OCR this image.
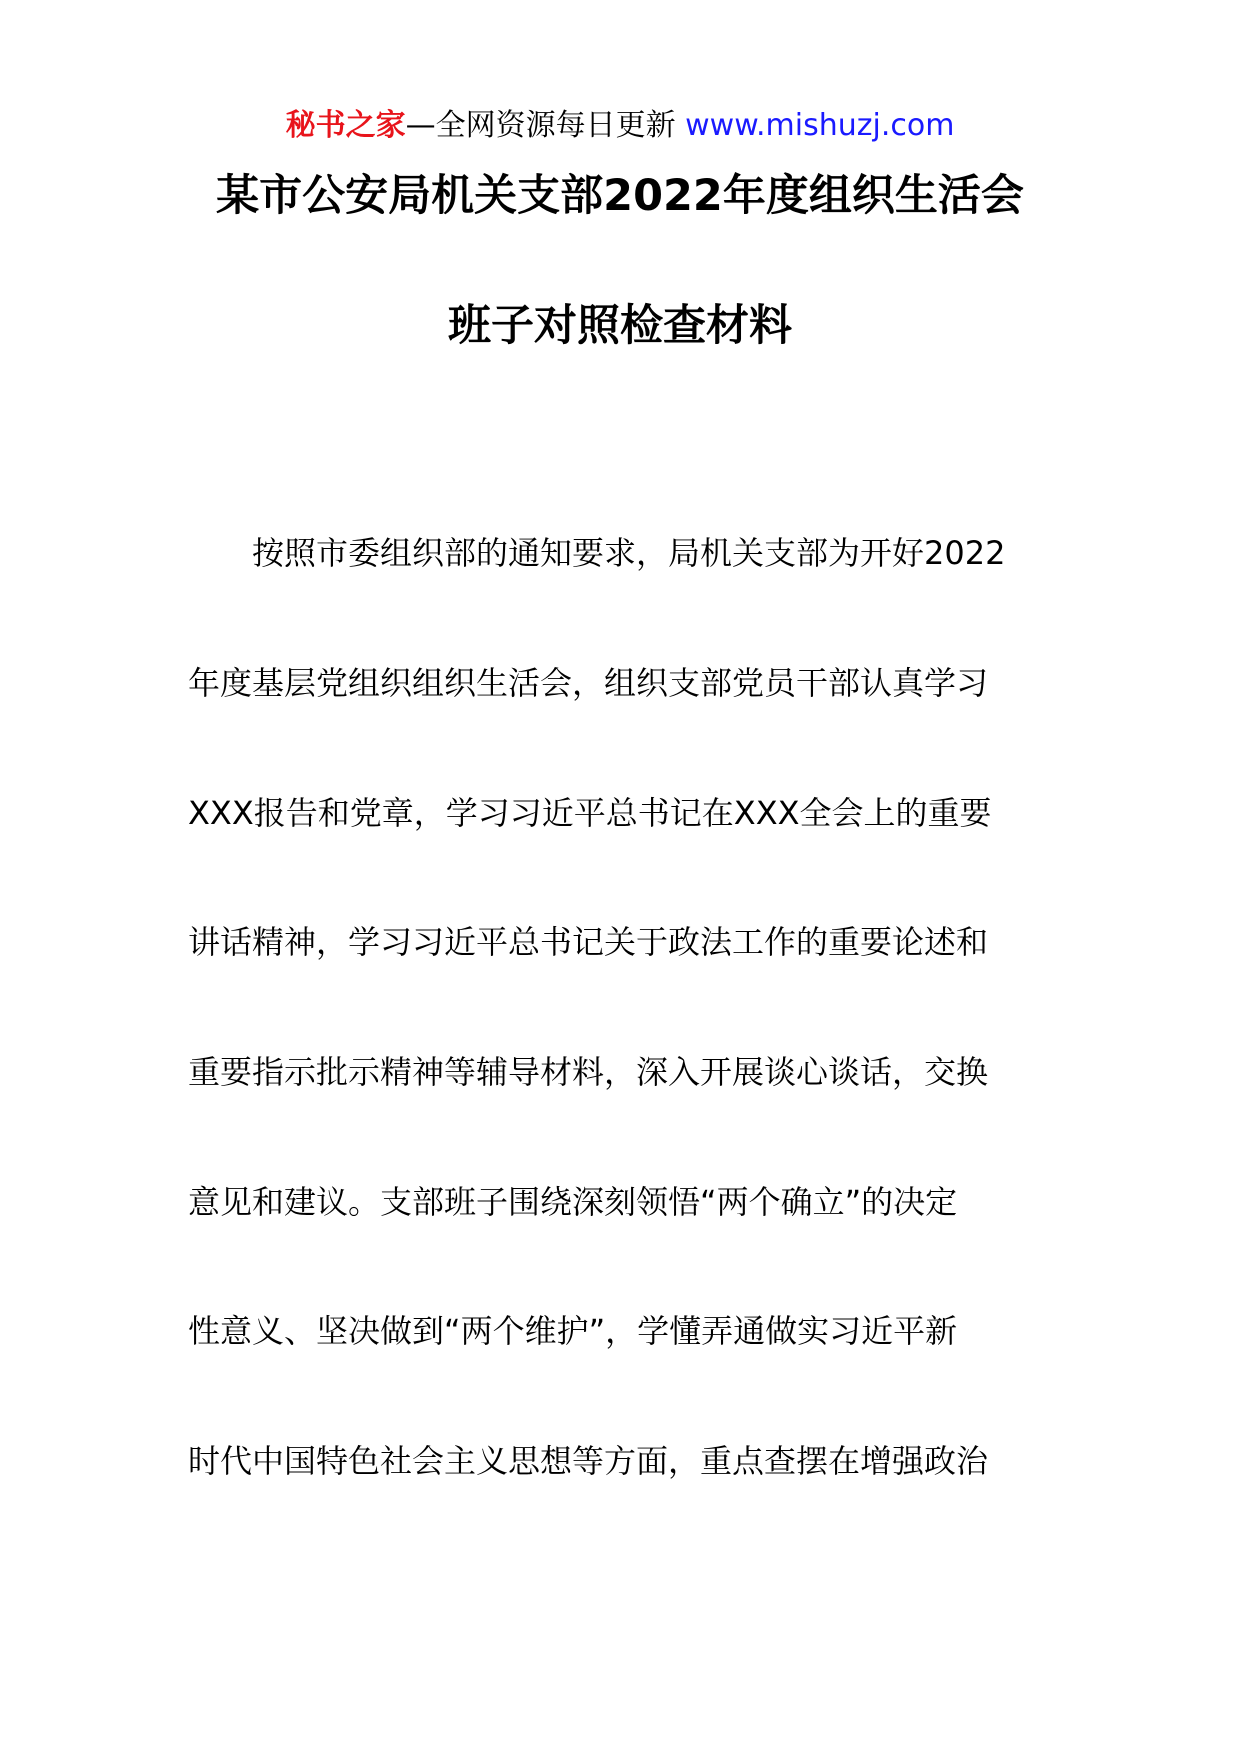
秘书之家—全网资源每日更新 www.mishuzj.com
某市公安局机关支部2022年度组织生活会
班子对照检查材料
按照市委组织部的通知要求，局机关支部为开好2022
年度基层党组织组织生活会，组织支部党员干部认真学习
XXX报告和党章，学习习近平总书记在XXX全会上的重要
讲话精神，学习习近平总书记关于政法工作的重要论述和
重要指示批示精神等辅导材料，深入开展谈心谈话，交换
意见和建议。支部班子围绕深刻领悟“两个确立”的决定
性意义、坚决做到“两个维护”，学懂弄通做实习近平新
时代中国特色社会主义思想等方面，重点查摆在增强政治
